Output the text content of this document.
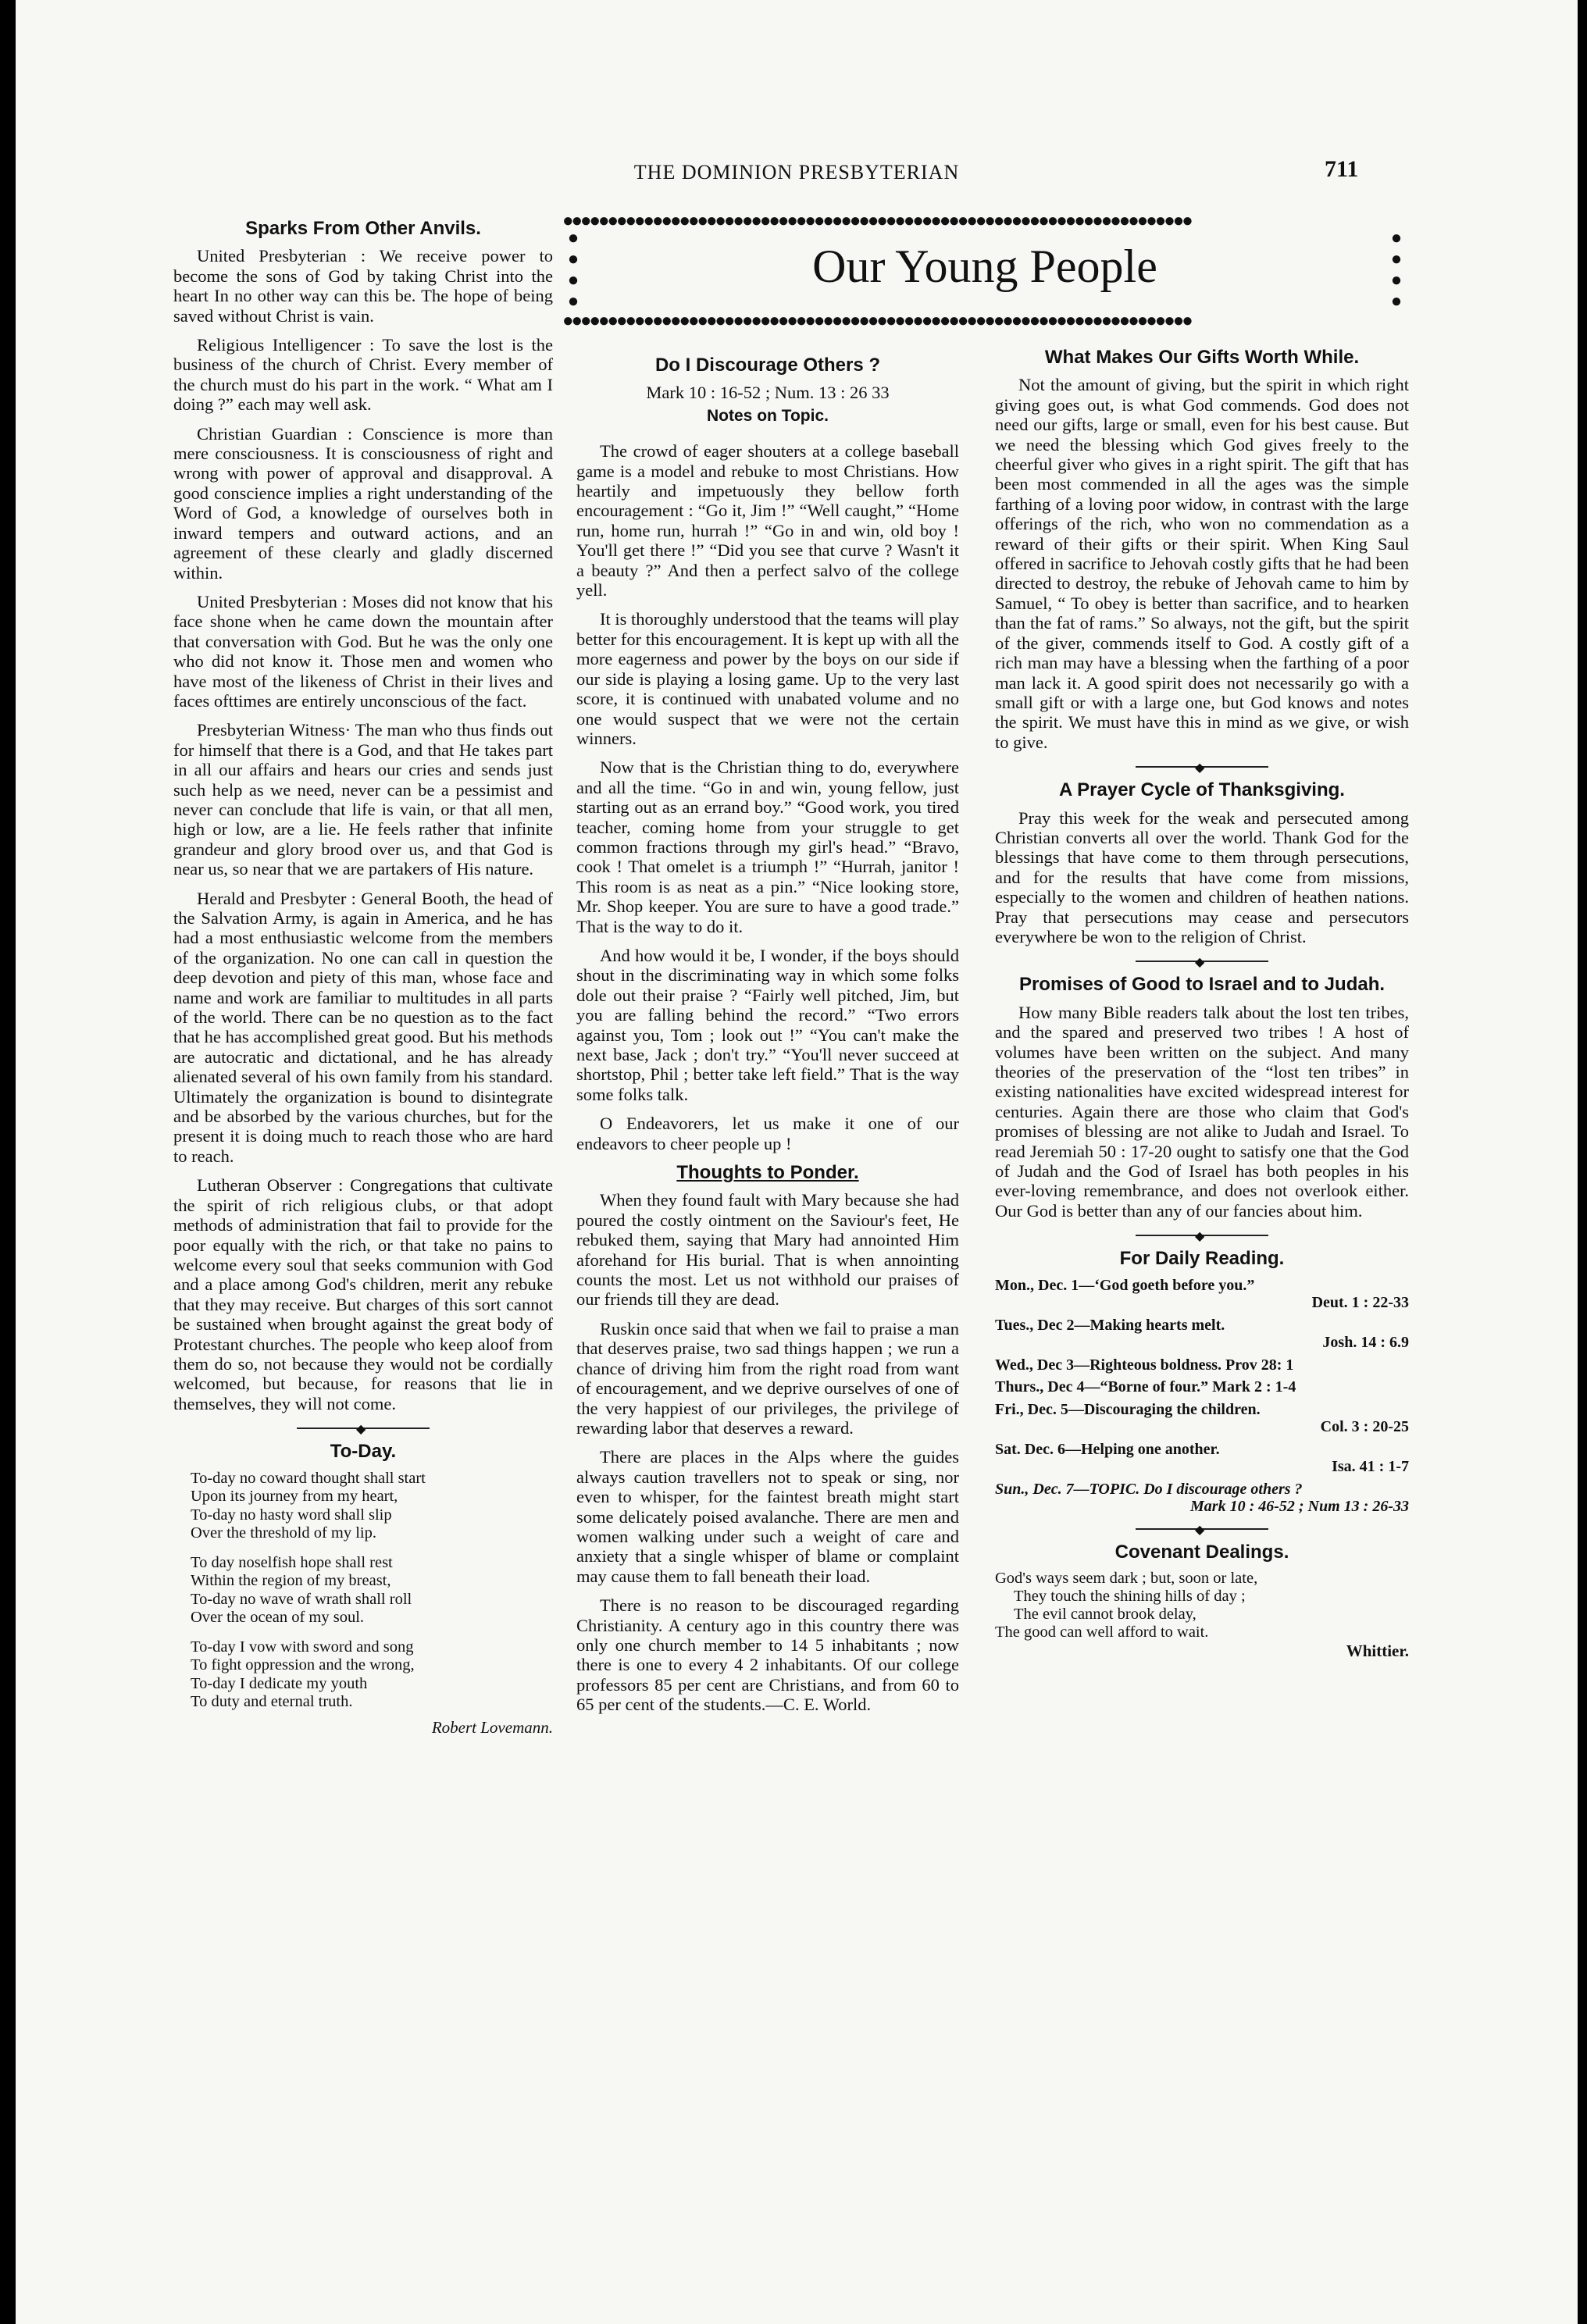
THE DOMINION PRESBYTERIAN	711
●●●●●●●●●●●●●●●●●●●●●●●●●●●●●●●●●●●●●●●●●●●●●●●●●●●●●●●●●●●●●●●●●●●●●●
●
●
●
●
●
●
●
●
Our Young People
●●●●●●●●●●●●●●●●●●●●●●●●●●●●●●●●●●●●●●●●●●●●●●●●●●●●●●●●●●●●●●●●●●●●●●
Sparks From Other Anvils.

United Presbyterian : We receive power to become the sons of God by taking Christ into the heart In no other way can this be. The hope of being saved without Christ is vain.

Religious Intelligencer : To save the lost is the business of the church of Christ. Every member of the church must do his part in the work. “ What am I doing ?” each may well ask.

Christian Guardian : Conscience is more than mere consciousness. It is consciousness of right and wrong with power of approval and disapproval. A good conscience implies a right understanding of the Word of God, a knowledge of ourselves both in inward tempers and outward actions, and an agreement of these clearly and gladly discerned within.

United Presbyterian : Moses did not know that his face shone when he came down the mountain after that conversation with God. But he was the only one who did not know it. Those men and women who have most of the likeness of Christ in their lives and faces ofttimes are entirely unconscious of the fact.

Presbyterian Witness· The man who thus finds out for himself that there is a God, and that He takes part in all our affairs and hears our cries and sends just such help as we need, never can be a pessimist and never can conclude that life is vain, or that all men, high or low, are a lie. He feels rather that infinite grandeur and glory brood over us, and that God is near us, so near that we are partakers of His nature.

Herald and Presbyter : General Booth, the head of the Salvation Army, is again in America, and he has had a most enthusiastic welcome from the members of the organization. No one can call in question the deep devotion and piety of this man, whose face and name and work are familiar to multitudes in all parts of the world. There can be no question as to the fact that he has accomplished great good. But his methods are autocratic and dictational, and he has already alienated several of his own family from his standard. Ultimately the organization is bound to disintegrate and be absorbed by the various churches, but for the present it is doing much to reach those who are hard to reach.

Lutheran Observer : Congregations that cultivate the spirit of rich religious clubs, or that adopt methods of administration that fail to provide for the poor equally with the rich, or that take no pains to welcome every soul that seeks communion with God and a place among God's children, merit any rebuke that they may receive. But charges of this sort cannot be sustained when brought against the great body of Protestant churches. The people who keep aloof from them do so, not because they would not be cordially welcomed, but because, for reasons that lie in themselves, they will not come.

◆
To-Day.
To-day no coward thought shall start
Upon its journey from my heart,
To-day no hasty word shall slip
Over the threshold of my lip.
To day noselfish hope shall rest
Within the region of my breast,
To-day no wave of wrath shall roll
Over the ocean of my soul.
To-day I vow with sword and song
To fight oppression and the wrong,
To-day I dedicate my youth
To duty and eternal truth.
Robert Lovemann.
Do I Discourage Others ?
Mark 10 : 16-52 ; Num. 13 : 26 33
Notes on Topic.

The crowd of eager shouters at a college baseball game is a model and rebuke to most Christians. How heartily and impetuously they bellow forth encouragement : “Go it, Jim !” “Well caught,” “Home run, home run, hurrah !” “Go in and win, old boy ! You'll get there !” “Did you see that curve ? Wasn't it a beauty ?” And then a perfect salvo of the college yell.

It is thoroughly understood that the teams will play better for this encouragement. It is kept up with all the more eagerness and power by the boys on our side if our side is playing a losing game. Up to the very last score, it is continued with unabated volume and no one would suspect that we were not the certain winners.

Now that is the Christian thing to do, everywhere and all the time. “Go in and win, young fellow, just starting out as an errand boy.” “Good work, you tired teacher, coming home from your struggle to get common fractions through my girl's head.” “Bravo, cook ! That omelet is a triumph !” “Hurrah, janitor ! This room is as neat as a pin.” “Nice looking store, Mr. Shop keeper. You are sure to have a good trade.” That is the way to do it.

And how would it be, I wonder, if the boys should shout in the discriminating way in which some folks dole out their praise ? “Fairly well pitched, Jim, but you are falling behind the record.” “Two errors against you, Tom ; look out !” “You can't make the next base, Jack ; don't try.” “You'll never succeed at shortstop, Phil ; better take left field.” That is the way some folks talk.

O Endeavorers, let us make it one of our endeavors to cheer people up !

Thoughts to Ponder.

When they found fault with Mary because she had poured the costly ointment on the Saviour's feet, He rebuked them, saying that Mary had annointed Him aforehand for His burial. That is when annointing counts the most. Let us not withhold our praises of our friends till they are dead.

Ruskin once said that when we fail to praise a man that deserves praise, two sad things happen ; we run a chance of driving him from the right road from want of encouragement, and we deprive ourselves of one of the very happiest of our privileges, the privilege of rewarding labor that deserves a reward.

There are places in the Alps where the guides always caution travellers not to speak or sing, nor even to whisper, for the faintest breath might start some delicately poised avalanche. There are men and women walking under such a weight of care and anxiety that a single whisper of blame or complaint may cause them to fall beneath their load.

There is no reason to be discouraged regarding Christianity. A century ago in this country there was only one church member to 14 5 inhabitants ; now there is one to every 4 2 inhabitants. Of our college professors 85 per cent are Christians, and from 60 to 65 per cent of the students.—C. E. World.

What Makes Our Gifts Worth While.

Not the amount of giving, but the spirit in which right giving goes out, is what God commends. God does not need our gifts, large or small, even for his best cause. But we need the blessing which God gives freely to the cheerful giver who gives in a right spirit. The gift that has been most commended in all the ages was the simple farthing of a loving poor widow, in contrast with the large offerings of the rich, who won no commendation as a reward of their gifts or their spirit. When King Saul offered in sacrifice to Jehovah costly gifts that he had been directed to destroy, the rebuke of Jehovah came to him by Samuel, “ To obey is better than sacrifice, and to hearken than the fat of rams.” So always, not the gift, but the spirit of the giver, commends itself to God. A costly gift of a rich man may have a blessing when the farthing of a poor man lack it. A good spirit does not necessarily go with a small gift or with a large one, but God knows and notes the spirit. We must have this in mind as we give, or wish to give.

◆
A Prayer Cycle of Thanksgiving.

Pray this week for the weak and persecuted among Christian converts all over the world. Thank God for the blessings that have come to them through persecutions, and for the results that have come from missions, especially to the women and children of heathen nations. Pray that persecutions may cease and persecutors everywhere be won to the religion of Christ.

◆
Promises of Good to Israel and to Judah.

How many Bible readers talk about the lost ten tribes, and the spared and preserved two tribes ! A host of volumes have been written on the subject. And many theories of the preservation of the “lost ten tribes” in existing nationalities have excited widespread interest for centuries. Again there are those who claim that God's promises of blessing are not alike to Judah and Israel. To read Jeremiah 50 : 17-20 ought to satisfy one that the God of Judah and the God of Israel has both peoples in his ever-loving remembrance, and does not overlook either. Our God is better than any of our fancies about him.

◆
For Daily Reading.
Mon., Dec. 1—‘God goeth before you.”
Deut. 1 : 22-33
Tues., Dec 2—Making hearts melt.
Josh. 14 : 6.9
Wed., Dec 3—Righteous boldness. Prov 28: 1
Thurs., Dec 4—“Borne of four.” Mark 2 : 1-4
Fri., Dec. 5—Discouraging the children.
Col. 3 : 20-25
Sat. Dec. 6—Helping one another.
Isa. 41 : 1-7
Sun., Dec. 7—TOPIC. Do I discourage others ?
Mark 10 : 46-52 ; Num 13 : 26-33
◆
Covenant Dealings.
God's ways seem dark ; but, soon or late,
They touch the shining hills of day ;
The evil cannot brook delay,
The good can well afford to wait.
Whittier.
